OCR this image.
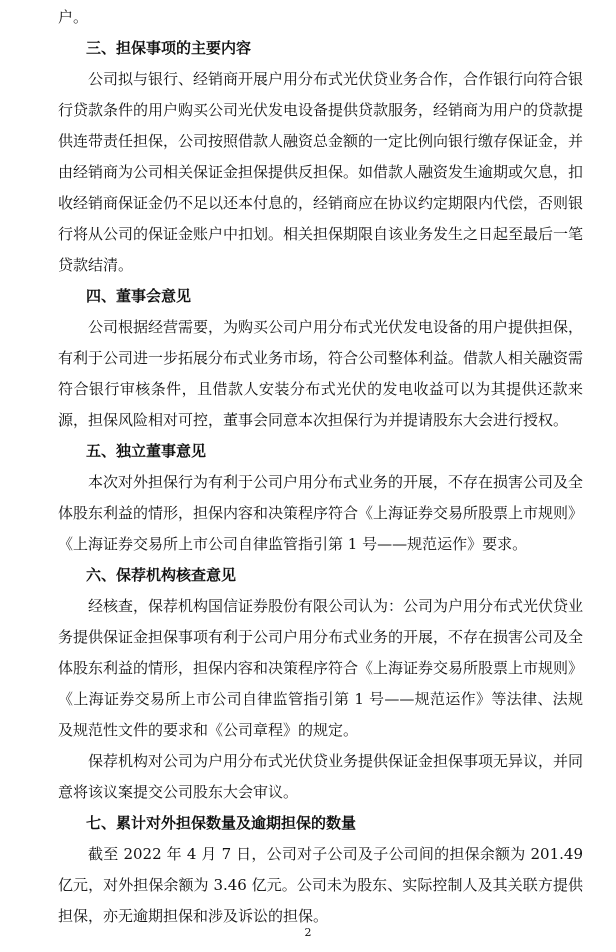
户。

三、担保事项的主要内容

公司拟与银行、经销商开展户用分布式光伏贷业务合作，合作银行向符合银行贷款条件的用户购买公司光伏发电设备提供贷款服务，经销商为用户的贷款提供连带责任担保，公司按照借款人融资总金额的一定比例向银行缴存保证金，并由经销商为公司相关保证金担保提供反担保。如借款人融资发生逾期或欠息，扣收经销商保证金仍不足以还本付息的，经销商应在协议约定期限内代偿，否则银行将从公司的保证金账户中扣划。相关担保期限自该业务发生之日起至最后一笔贷款结清。

四、董事会意见

公司根据经营需要，为购买公司户用分布式光伏发电设备的用户提供担保，有利于公司进一步拓展分布式业务市场，符合公司整体利益。借款人相关融资需符合银行审核条件，且借款人安装分布式光伏的发电收益可以为其提供还款来源，担保风险相对可控，董事会同意本次担保行为并提请股东大会进行授权。

五、独立董事意见

本次对外担保行为有利于公司户用分布式业务的开展，不存在损害公司及全体股东利益的情形，担保内容和决策程序符合《上海证券交易所股票上市规则》《上海证券交易所上市公司自律监管指引第 1 号——规范运作》要求。

六、保荐机构核查意见

经核查，保荐机构国信证券股份有限公司认为：公司为户用分布式光伏贷业务提供保证金担保事项有利于公司户用分布式业务的开展，不存在损害公司及全体股东利益的情形，担保内容和决策程序符合《上海证券交易所股票上市规则》《上海证券交易所上市公司自律监管指引第 1 号——规范运作》等法律、法规及规范性文件的要求和《公司章程》的规定。

保荐机构对公司为户用分布式光伏贷业务提供保证金担保事项无异议，并同意将该议案提交公司股东大会审议。

七、累计对外担保数量及逾期担保的数量

截至 2022 年 4 月 7 日，公司对子公司及子公司间的担保余额为 201.49 亿元，对外担保余额为 3.46 亿元。公司未为股东、实际控制人及其关联方提供担保，亦无逾期担保和涉及诉讼的担保。

2
